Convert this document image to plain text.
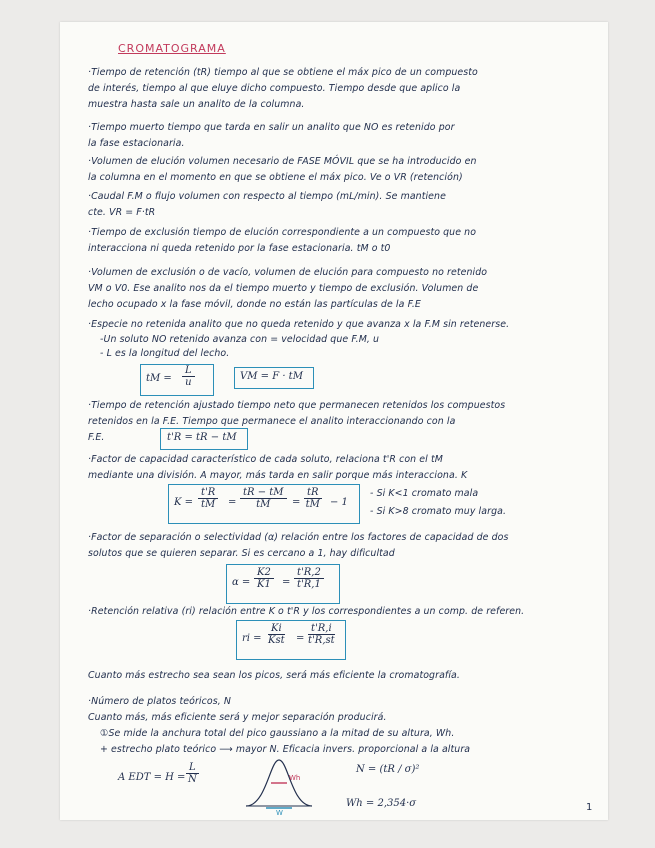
CROMATOGRAMA
·Tiempo de retención (tR) tiempo al que se obtiene el máx pico de un compuesto
de interés, tiempo al que eluye dicho compuesto. Tiempo desde que aplico la
muestra hasta sale un analito de la columna.
·Tiempo muerto tiempo que tarda en salir un analito que NO es retenido por
la fase estacionaria.
·Volumen de elución volumen necesario de FASE MÓVIL que se ha introducido en
la columna en el momento en que se obtiene el máx pico. Ve o VR (retención)
·Caudal F.M o flujo volumen con respecto al tiempo (mL/min). Se mantiene
cte. VR = F·tR
·Tiempo de exclusión tiempo de elución correspondiente a un compuesto que no
interacciona ni queda retenido por la fase estacionaria. tM o t0
·Volumen de exclusión o de vacío, volumen de elución para compuesto no retenido
VM o V0. Ese analito nos da el tiempo muerto y tiempo de exclusión. Volumen de
lecho ocupado x la fase móvil, donde no están las partículas de la F.E
·Especie no retenida analito que no queda retenido y que avanza x la F.M sin retenerse.
-Un soluto NO retenido avanza con = velocidad que F.M, u
- L es la longitud del lecho.
tM = $\frac{L}{u}$	VM = F · tM
·Tiempo de retención ajustado tiempo neto que permanecen retenidos los compuestos
retenidos en la F.E. Tiempo que permanece el analito interaccionando con la
F.E.	t'R = tR − tM
·Factor de capacidad característico de cada soluto, relaciona t'R con el tM
mediante una división. A mayor, más tarda en salir porque más interacciona. K
$K = \frac{t'R}{tM} = \frac{tR - tM}{tM} = \frac{tR}{tM} - 1$
- Si K<1 cromato mala
- Si K>8 cromato muy larga.
·Factor de separación o selectividad (α) relación entre los factores de capacidad de dos
solutos que se quieren separar. Si es cercano a 1, hay dificultad
$\alpha = \frac{K2}{K1} = \frac{t'R,2}{t'R,1}$
·Retención relativa (ri) relación entre K o t'R y los correspondientes a un comp. de referen.
ri =
Ki
Kst = $\frac{t'R,i}{t'R,st}$
Cuanto más estrecho sea sean los picos, será más eficiente la cromatografía.
·Número de platos teóricos, N
Cuanto más, más eficiente será y mejor separación producirá.
①Se mide la anchura total del pico gaussiano a la mitad de su altura, Wh.
+ estrecho plato teórico ⟶ mayor N. Eficacia invers. proporcional a la altura
A EDT = $H = \frac{L}{N}$	Wh
W
N = (tR / σ)²
Wh = 2,354·σ	1
